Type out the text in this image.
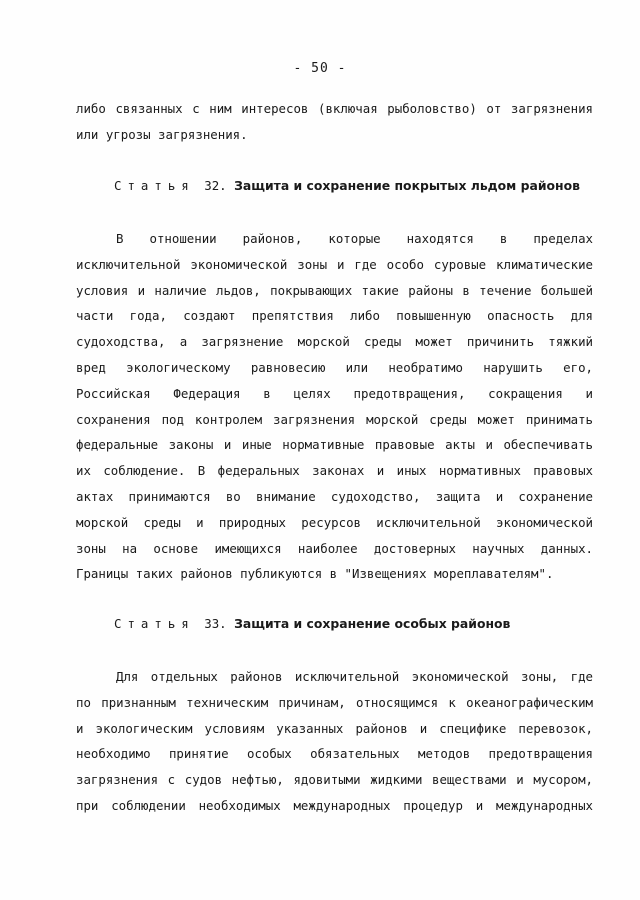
- 50 -
либо связанных с ним интересов (включая рыболовство) от загрязнения
или угрозы загрязнения.
Статья 32. Защита и сохранение покрытых льдом районов
В отношении районов, которые находятся в пределах
исключительной экономической зоны и где особо суровые климатические
условия и наличие льдов, покрывающих такие районы в течение большей
части года, создают препятствия либо повышенную опасность для
судоходства, а загрязнение морской среды может причинить тяжкий
вред экологическому равновесию или необратимо нарушить его,
Российская Федерация в целях предотвращения, сокращения и
сохранения под контролем загрязнения морской среды может принимать
федеральные законы и иные нормативные правовые акты и обеспечивать
их соблюдение. В федеральных законах и иных нормативных правовых
актах принимаются во внимание судоходство, защита и сохранение
морской среды и природных ресурсов исключительной экономической
зоны на основе имеющихся наиболее достоверных научных данных.
Границы таких районов публикуются в "Извещениях мореплавателям".
Статья 33. Защита и сохранение особых районов
Для отдельных районов исключительной экономической зоны, где
по признанным техническим причинам, относящимся к океанографическим
и экологическим условиям указанных районов и специфике перевозок,
необходимо принятие особых обязательных методов предотвращения
загрязнения с судов нефтью, ядовитыми жидкими веществами и мусором,
при соблюдении необходимых международных процедур и международных
